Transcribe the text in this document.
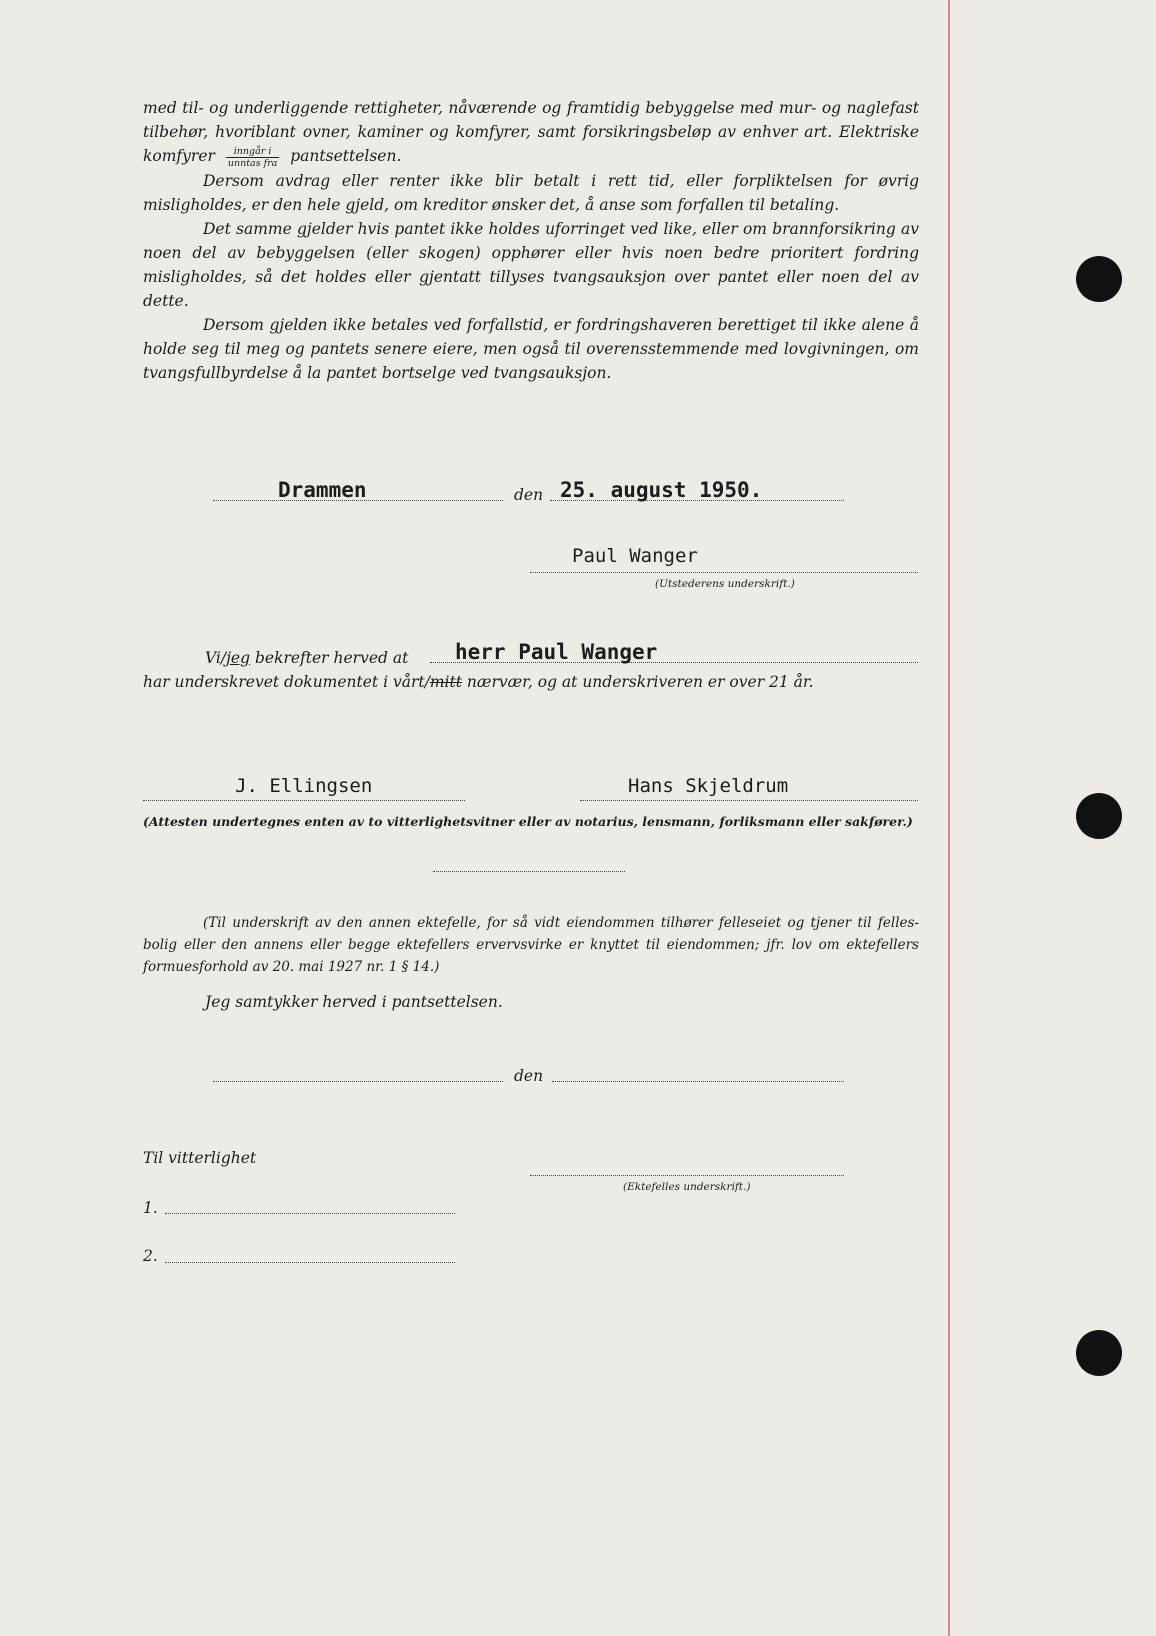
med til- og underliggende rettigheter, nåværende og framtidig bebyggelse med mur- og naglefast tilbehør, hvoriblant ovner, kaminer og komfyrer, samt forsikringsbeløp av enhver art. Elektriske komfyrer $\frac{\text{inngår i}}{\text{unntas fra}}$ pantsettelsen.

Dersom avdrag eller renter ikke blir betalt i rett tid, eller forpliktelsen for øvrig misligholdes, er den hele gjeld, om kreditor ønsker det, å anse som forfallen til betaling.

Det samme gjelder hvis pantet ikke holdes uforringet ved like, eller om brannforsikring av noen del av bebyggelsen (eller skogen) opphører eller hvis noen bedre prioritert fordring misligholdes, så det holdes eller gjentatt tillyses tvangsauksjon over pantet eller noen del av dette.

Dersom gjelden ikke betales ved forfallstid, er fordringshaveren berettiget til ikke alene å holde seg til meg og pantets senere eiere, men også til overensstemmende med lovgivningen, om tvangsfullbyrdelse å la pantet bortselge ved tvangsauksjon.

Drammen	den 25. august 1950.
Paul Wanger
(Utstederens underskrift.)
Vi/jeg bekrefter herved at herr Paul Wanger
har underskrevet dokumentet i vårt/mitt nærvær, og at underskriveren er over 21 år.
J. Ellingsen	Hans Skjeldrum
(Attesten undertegnes enten av to vitterlighetsvitner eller av notarius, lensmann, forliksmann eller sakfører.)

(Til underskrift av den annen ektefelle, for så vidt eiendommen tilhører felleseiet og tjener til felles-bolig eller den annens eller begge ektefellers ervervsvirke er knyttet til eiendommen; jfr. lov om ektefellers formuesforhold av 20. mai 1927 nr. 1 § 14.)

Jeg samtykker herved i pantsettelsen.
den
Til vitterlighet
(Ektefelles underskrift.)
1.
2.
